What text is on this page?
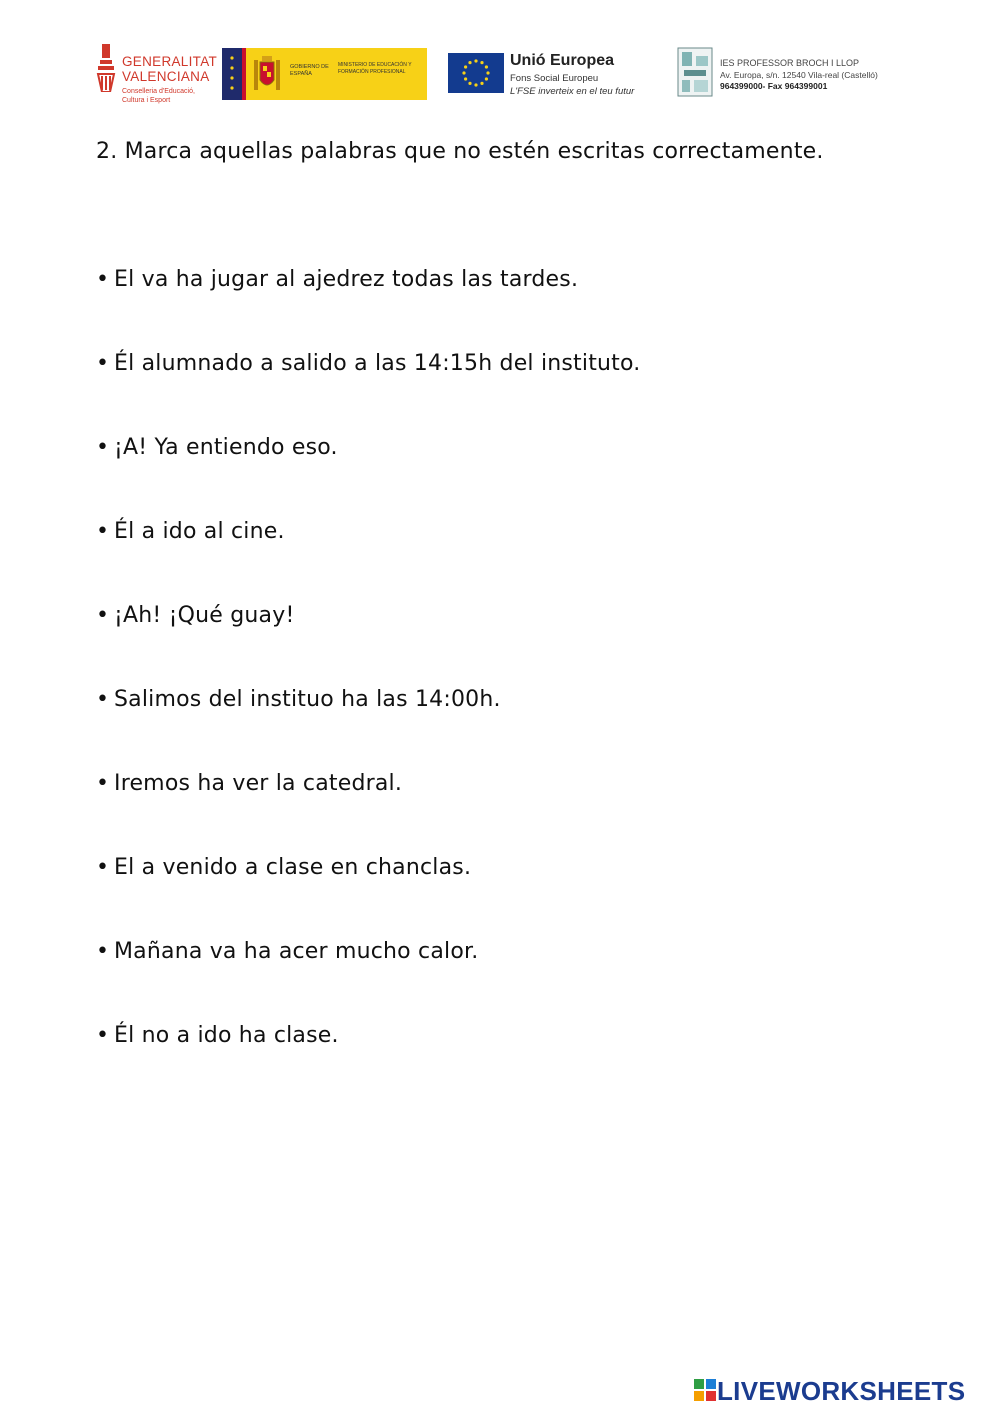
GENERALITAT
VALENCIANA
Conselleria d'Educació, Cultura i Esport
GOBIERNO DE ESPAÑA
MINISTERIO DE EDUCACIÓN Y FORMACIÓN PROFESIONAL
Unió Europea
Fons Social Europeu
L'FSE inverteix en el teu futur
IES PROFESSOR BROCH I LLOP
Av. Europa, s/n. 12540 Vila-real (Castelló)
964399000- Fax 964399001
2. Marca aquellas palabras que no estén escritas correctamente.
• El va ha jugar al ajedrez todas las tardes.
• Él alumnado a salido a las 14:15h del instituto.
• ¡A! Ya entiendo eso.
• Él a ido al cine.
• ¡Ah! ¡Qué guay!
• Salimos del instituo ha las 14:00h.
• Iremos ha ver la catedral.
• El a venido a clase en chanclas.
• Mañana va ha acer mucho calor.
• Él no a ido ha clase.
LIVEWORKSHEETS
